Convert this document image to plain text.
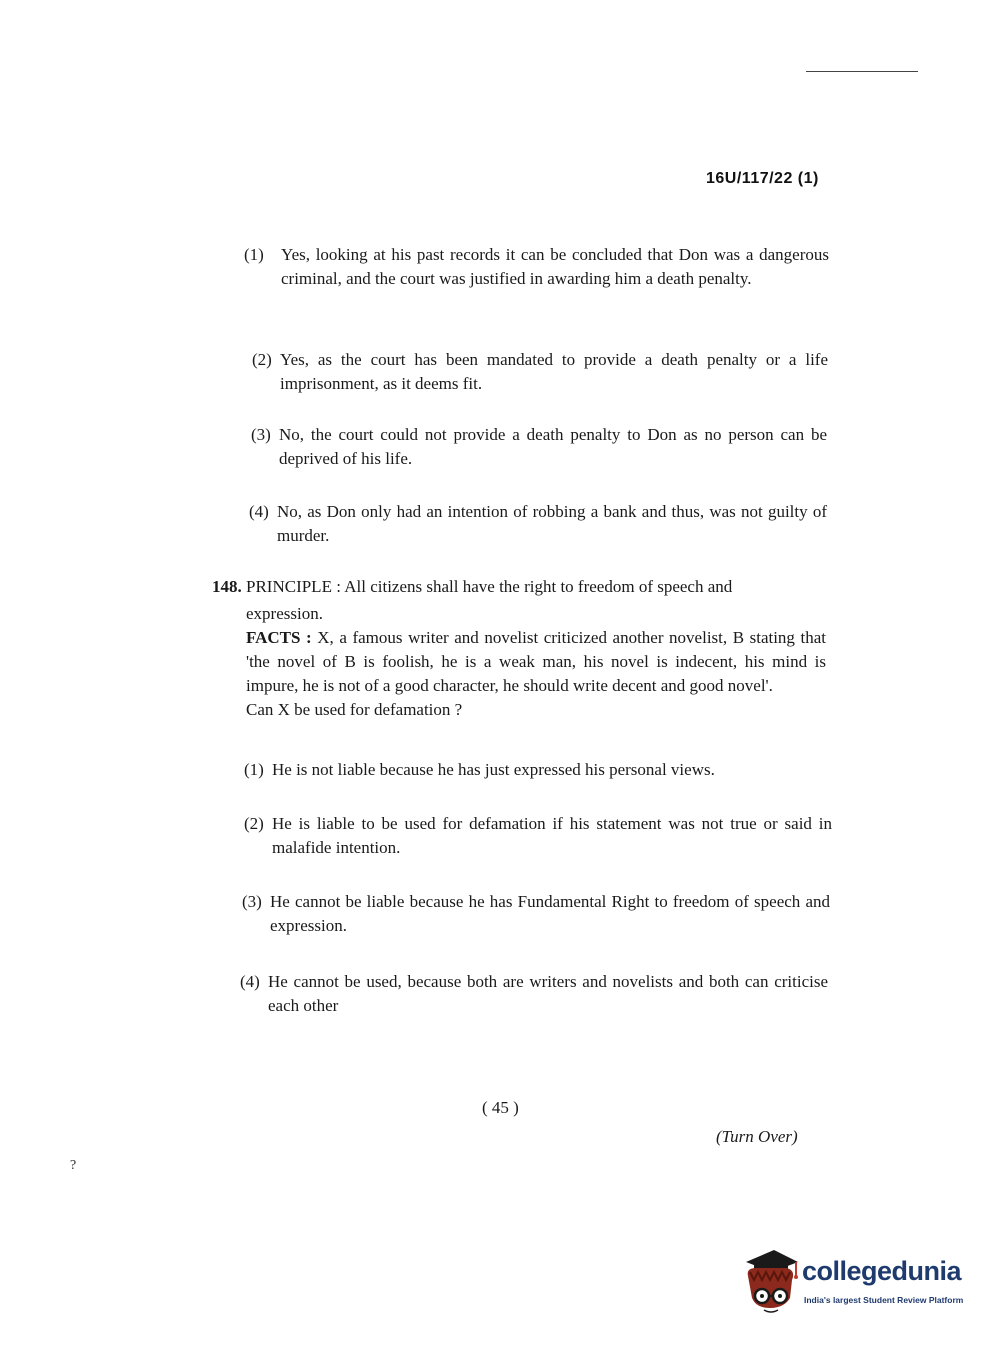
16U/117/22 (1)
(1) Yes, looking at his past records it can be concluded that Don was a dangerous criminal, and the court was justified in awarding him a death penalty.
(2) Yes, as the court has been mandated to provide a death penalty or a life imprisonment, as it deems fit.
(3) No, the court could not provide a death penalty to Don as no person can be deprived of his life.
(4) No, as Don only had an intention of robbing a bank and thus, was not guilty of murder.
148. PRINCIPLE : All citizens shall have the right to freedom of speech and
expression.
FACTS : X, a famous writer and novelist criticized another novelist, B stating that 'the novel of B is foolish, he is a weak man, his novel is indecent, his mind is impure, he is not of a good character, he should write decent and good novel'.
Can X be used for defamation ?
(1) He is not liable because he has just expressed his personal views.
(2) He is liable to be used for defamation if his statement was not true or said in malafide intention.
(3) He cannot be liable because he has Fundamental Right to freedom of speech and expression.
(4) He cannot be used, because both are writers and novelists and both can criticise each other
( 45 )
(Turn Over)
?
collegedunia
India's largest Student Review Platform
